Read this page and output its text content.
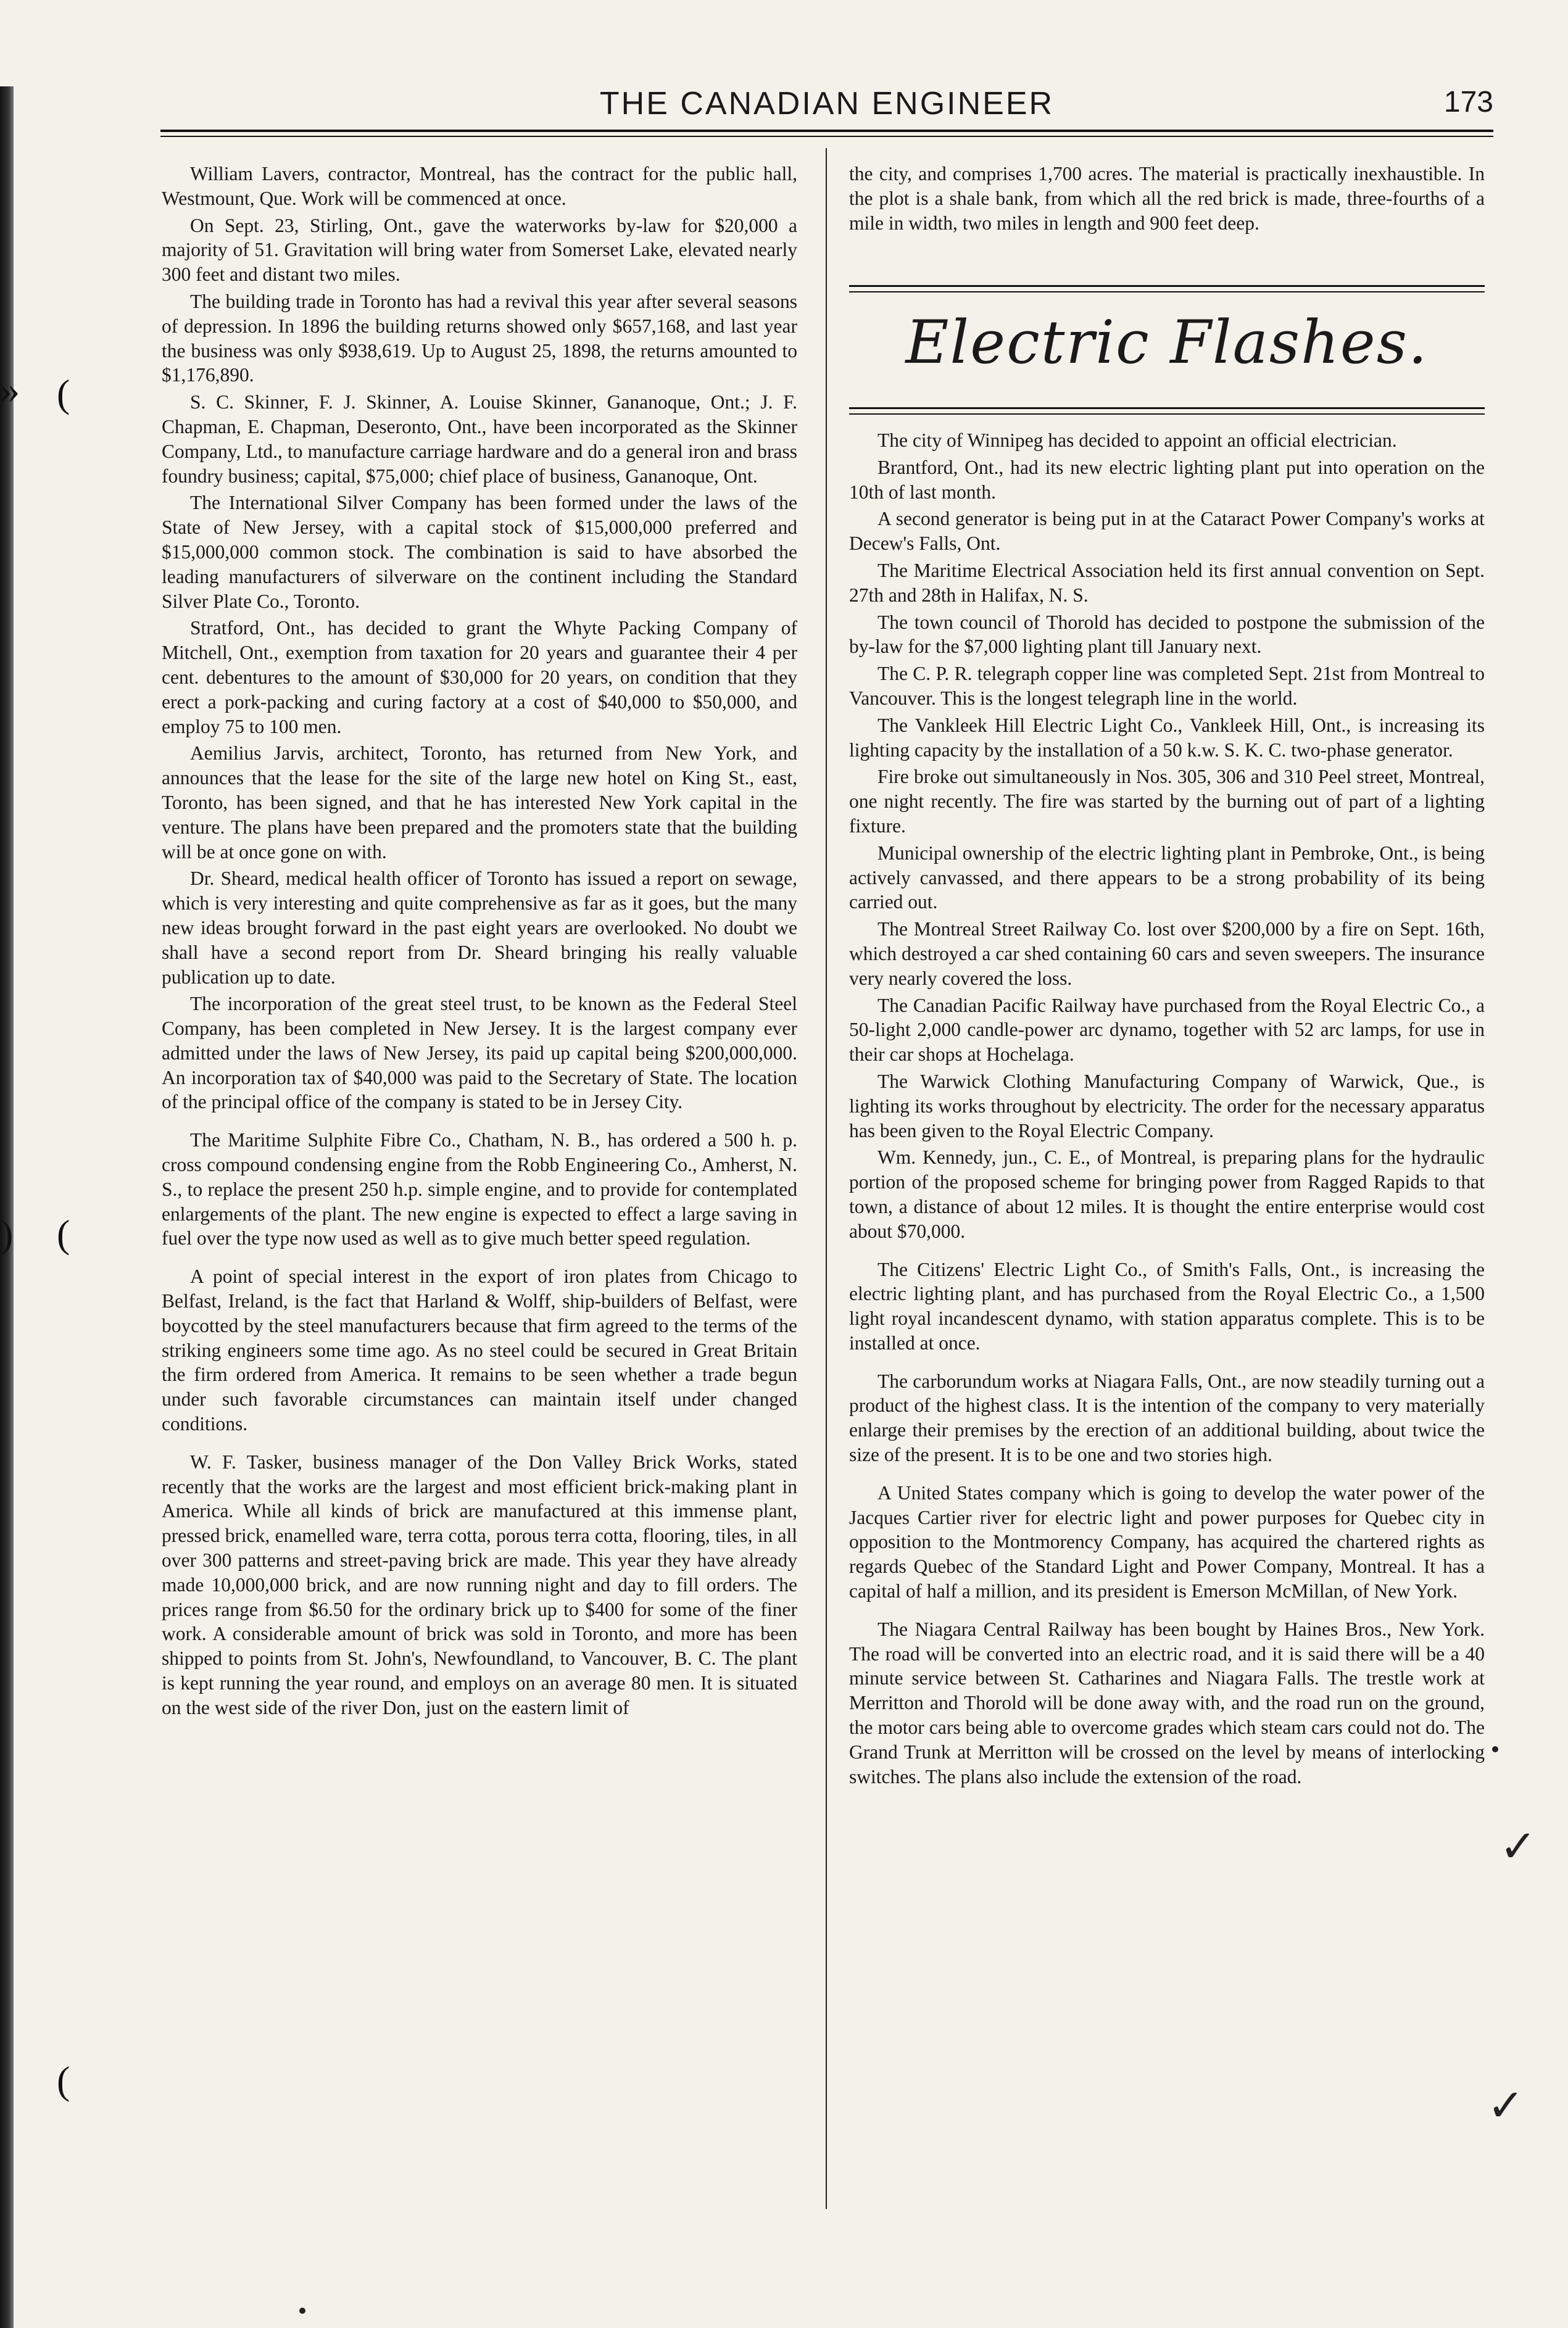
» (
) (
(
THE CANADIAN ENGINEER	173

William Lavers, contractor, Montreal, has the contract for the public hall, Westmount, Que. Work will be commenced at once.

On Sept. 23, Stirling, Ont., gave the waterworks by-law for $20,000 a majority of 51. Gravitation will bring water from Somerset Lake, elevated nearly 300 feet and distant two miles.

The building trade in Toronto has had a revival this year after several seasons of depression. In 1896 the building returns showed only $657,168, and last year the business was only $938,619. Up to August 25, 1898, the returns amounted to $1,176,890.

S. C. Skinner, F. J. Skinner, A. Louise Skinner, Gananoque, Ont.; J. F. Chapman, E. Chapman, Deseronto, Ont., have been incorporated as the Skinner Company, Ltd., to manufacture carriage hardware and do a general iron and brass foundry business; capital, $75,000; chief place of business, Gananoque, Ont.

The International Silver Company has been formed under the laws of the State of New Jersey, with a capital stock of $15,000,000 preferred and $15,000,000 common stock. The combination is said to have absorbed the leading manufacturers of silverware on the continent including the Standard Silver Plate Co., Toronto.

Stratford, Ont., has decided to grant the Whyte Packing Company of Mitchell, Ont., exemption from taxation for 20 years and guarantee their 4 per cent. debentures to the amount of $30,000 for 20 years, on condition that they erect a pork-packing and curing factory at a cost of $40,000 to $50,000, and employ 75 to 100 men.

Aemilius Jarvis, architect, Toronto, has returned from New York, and announces that the lease for the site of the large new hotel on King St., east, Toronto, has been signed, and that he has interested New York capital in the venture. The plans have been prepared and the promoters state that the building will be at once gone on with.

Dr. Sheard, medical health officer of Toronto has issued a report on sewage, which is very interesting and quite comprehensive as far as it goes, but the many new ideas brought forward in the past eight years are overlooked. No doubt we shall have a second report from Dr. Sheard bringing his really valuable publication up to date.

The incorporation of the great steel trust, to be known as the Federal Steel Company, has been completed in New Jersey. It is the largest company ever admitted under the laws of New Jersey, its paid up capital being $200,000,000. An incorporation tax of $40,000 was paid to the Secretary of State. The location of the principal office of the company is stated to be in Jersey City.

The Maritime Sulphite Fibre Co., Chatham, N. B., has ordered a 500 h. p. cross compound condensing engine from the Robb Engineering Co., Amherst, N. S., to replace the present 250 h.p. simple engine, and to provide for contemplated enlargements of the plant. The new engine is expected to effect a large saving in fuel over the type now used as well as to give much better speed regulation.

A point of special interest in the export of iron plates from Chicago to Belfast, Ireland, is the fact that Harland & Wolff, ship-builders of Belfast, were boycotted by the steel manufacturers because that firm agreed to the terms of the striking engineers some time ago. As no steel could be secured in Great Britain the firm ordered from America. It remains to be seen whether a trade begun under such favorable circumstances can maintain itself under changed conditions.

W. F. Tasker, business manager of the Don Valley Brick Works, stated recently that the works are the largest and most efficient brick-making plant in America. While all kinds of brick are manufactured at this immense plant, pressed brick, enamelled ware, terra cotta, porous terra cotta, flooring, tiles, in all over 300 patterns and street-paving brick are made. This year they have already made 10,000,000 brick, and are now running night and day to fill orders. The prices range from $6.50 for the ordinary brick up to $400 for some of the finer work. A considerable amount of brick was sold in Toronto, and more has been shipped to points from St. John's, Newfoundland, to Vancouver, B. C. The plant is kept running the year round, and employs on an average 80 men. It is situated on the west side of the river Don, just on the eastern limit of

the city, and comprises 1,700 acres. The material is practically inexhaustible. In the plot is a shale bank, from which all the red brick is made, three-fourths of a mile in width, two miles in length and 900 feet deep.

Electric Flashes.

The city of Winnipeg has decided to appoint an official electrician.

Brantford, Ont., had its new electric lighting plant put into operation on the 10th of last month.

A second generator is being put in at the Cataract Power Company's works at Decew's Falls, Ont.

The Maritime Electrical Association held its first annual convention on Sept. 27th and 28th in Halifax, N. S.

The town council of Thorold has decided to postpone the submission of the by-law for the $7,000 lighting plant till January next.

The C. P. R. telegraph copper line was completed Sept. 21st from Montreal to Vancouver. This is the longest telegraph line in the world.

The Vankleek Hill Electric Light Co., Vankleek Hill, Ont., is increasing its lighting capacity by the installation of a 50 k.w. S. K. C. two-phase generator.

Fire broke out simultaneously in Nos. 305, 306 and 310 Peel street, Montreal, one night recently. The fire was started by the burning out of part of a lighting fixture.

Municipal ownership of the electric lighting plant in Pembroke, Ont., is being actively canvassed, and there appears to be a strong probability of its being carried out.

The Montreal Street Railway Co. lost over $200,000 by a fire on Sept. 16th, which destroyed a car shed containing 60 cars and seven sweepers. The insurance very nearly covered the loss.

The Canadian Pacific Railway have purchased from the Royal Electric Co., a 50-light 2,000 candle-power arc dynamo, together with 52 arc lamps, for use in their car shops at Hochelaga.

The Warwick Clothing Manufacturing Company of Warwick, Que., is lighting its works throughout by electricity. The order for the necessary apparatus has been given to the Royal Electric Company.

Wm. Kennedy, jun., C. E., of Montreal, is preparing plans for the hydraulic portion of the proposed scheme for bringing power from Ragged Rapids to that town, a distance of about 12 miles. It is thought the entire enterprise would cost about $70,000.

The Citizens' Electric Light Co., of Smith's Falls, Ont., is increasing the electric lighting plant, and has purchased from the Royal Electric Co., a 1,500 light royal incandescent dynamo, with station apparatus complete. This is to be installed at once.

The carborundum works at Niagara Falls, Ont., are now steadily turning out a product of the highest class. It is the intention of the company to very materially enlarge their premises by the erection of an additional building, about twice the size of the present. It is to be one and two stories high.

A United States company which is going to develop the water power of the Jacques Cartier river for electric light and power purposes for Quebec city in opposition to the Montmorency Company, has acquired the chartered rights as regards Quebec of the Standard Light and Power Company, Montreal. It has a capital of half a million, and its president is Emerson McMillan, of New York.

The Niagara Central Railway has been bought by Haines Bros., New York. The road will be converted into an electric road, and it is said there will be a 40 minute service between St. Catharines and Niagara Falls. The trestle work at Merritton and Thorold will be done away with, and the road run on the ground, the motor cars being able to overcome grades which steam cars could not do. The Grand Trunk at Merritton will be crossed on the level by means of interlocking switches. The plans also include the extension of the road.

✓
✓
